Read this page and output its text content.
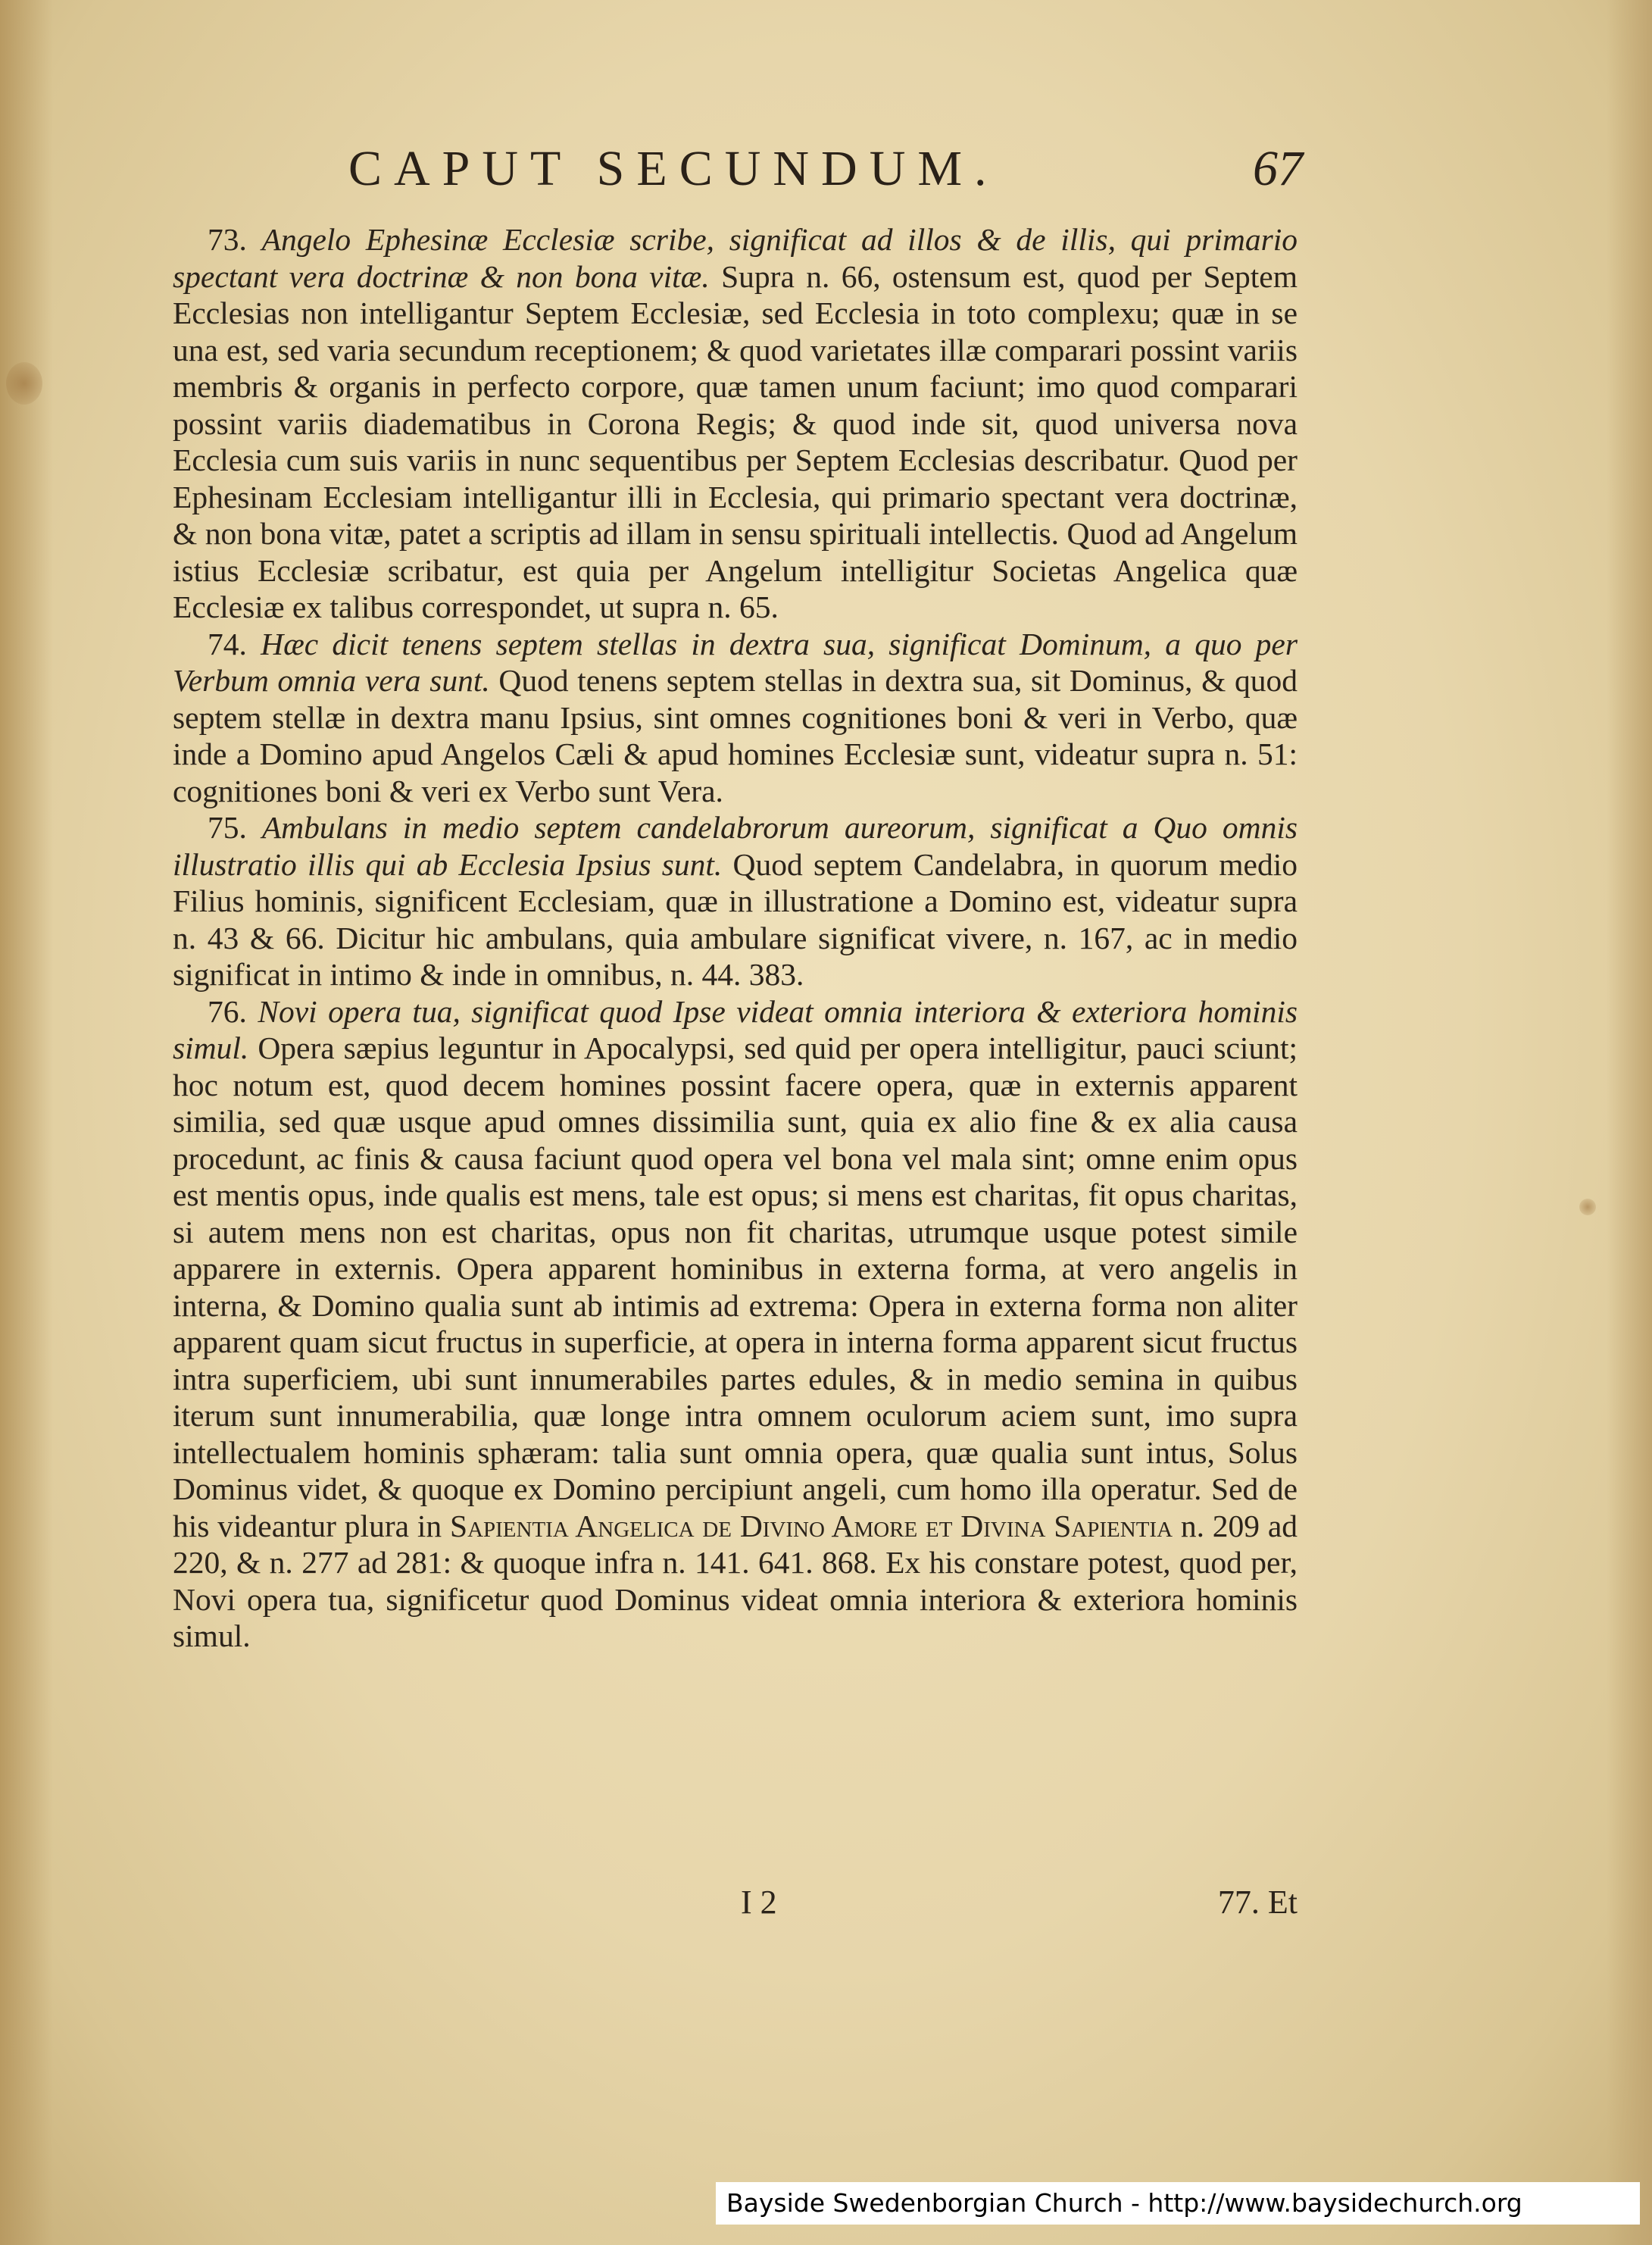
CAPUT SECUNDUM.	67

73. Angelo Ephesinæ Ecclesiæ scribe, significat ad illos & de illis, qui primario spectant vera doctrinæ & non bona vitæ. Supra n. 66, ostensum est, quod per Septem Ecclesias non intelligantur Septem Ecclesiæ, sed Ecclesia in toto complexu; quæ in se una est, sed varia secundum receptionem; & quod varietates illæ comparari possint variis membris & organis in perfecto corpore, quæ tamen unum faciunt; imo quod comparari possint variis diadematibus in Corona Regis; & quod inde sit, quod universa nova Ecclesia cum suis variis in nunc sequentibus per Septem Ecclesias describatur. Quod per Ephesinam Ecclesiam intelligantur illi in Ecclesia, qui primario spectant vera doctrinæ, & non bona vitæ, patet a scriptis ad illam in sensu spirituali intellectis. Quod ad Angelum istius Ecclesiæ scribatur, est quia per Angelum intelligitur Societas Angelica quæ Ecclesiæ ex talibus correspondet, ut supra n. 65.

74. Hæc dicit tenens septem stellas in dextra sua, significat Dominum, a quo per Verbum omnia vera sunt. Quod tenens septem stellas in dextra sua, sit Dominus, & quod septem stellæ in dextra manu Ipsius, sint omnes cognitiones boni & veri in Verbo, quæ inde a Domino apud Angelos Cæli & apud homines Ecclesiæ sunt, videatur supra n. 51: cognitiones boni & veri ex Verbo sunt Vera.

75. Ambulans in medio septem candelabrorum aureorum, significat a Quo omnis illustratio illis qui ab Ecclesia Ipsius sunt. Quod septem Candelabra, in quorum medio Filius hominis, significent Ecclesiam, quæ in illustratione a Domino est, videatur supra n. 43 & 66. Dicitur hic ambulans, quia ambulare significat vivere, n. 167, ac in medio significat in intimo & inde in omnibus, n. 44. 383.

76. Novi opera tua, significat quod Ipse videat omnia interiora & exteriora hominis simul. Opera sæpius leguntur in Apocalypsi, sed quid per opera intelligitur, pauci sciunt; hoc notum est, quod decem homines possint facere opera, quæ in externis apparent similia, sed quæ usque apud omnes dissimilia sunt, quia ex alio fine & ex alia causa procedunt, ac finis & causa faciunt quod opera vel bona vel mala sint; omne enim opus est mentis opus, inde qualis est mens, tale est opus; si mens est charitas, fit opus charitas, si autem mens non est charitas, opus non fit charitas, utrumque usque potest simile apparere in externis. Opera apparent hominibus in externa forma, at vero angelis in interna, & Domino qualia sunt ab intimis ad extrema: Opera in externa forma non aliter apparent quam sicut fructus in superficie, at opera in interna forma apparent sicut fructus intra superficiem, ubi sunt innumerabiles partes edules, & in medio semina in quibus iterum sunt innumerabilia, quæ longe intra omnem oculorum aciem sunt, imo supra intellectualem hominis sphæram: talia sunt omnia opera, quæ qualia sunt intus, Solus Dominus videt, & quoque ex Domino percipiunt angeli, cum homo illa operatur. Sed de his videantur plura in Sapientia Angelica de Divino Amore et Divina Sapientia n. 209 ad 220, & n. 277 ad 281: & quoque infra n. 141. 641. 868. Ex his constare potest, quod per, Novi opera tua, significetur quod Dominus videat omnia interiora & exteriora hominis simul.

I 2	77. Et
Bayside Swedenborgian Church - http://www.baysidechurch.org
